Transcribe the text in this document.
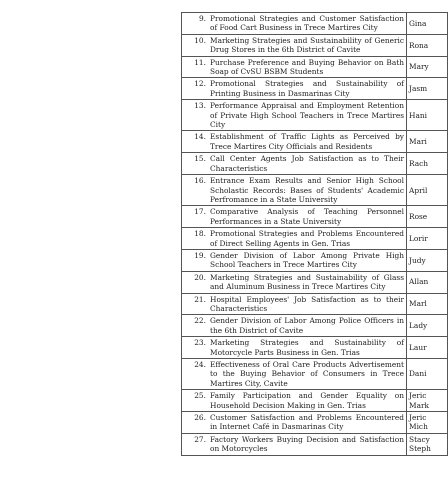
9. Promotional Strategies and Customer Satisfaction of Food Cart Business in Trece Martires City	Gina

10. Marketing Strategies and Sustainability of Generic Drug Stores in the 6th District of Cavite	Rona

11. Purchase Preference and Buying Behavior on Bath Soap of CvSU BSBM Students	Mary

12. Promotional Strategies and Sustainability of Printing Business in Dasmarinas City	Jasm

13. Performance Appraisal and Employment Retention of Private High School Teachers in Trece Martires City	Hani

14. Establishment of Traffic Lights as Perceived by Trece Martires City Officials and Residents	Mari

15. Call Center Agents Job Satisfaction as to Their Characteristics	Rach

16. Entrance Exam Results and Senior High School Scholastic Records: Bases of Students' Academic Perfromance in a State University	April

17. Comparative Analysis of Teaching Personnel Performances in a State University	Rose

18. Promotional Strategies and Problems Encountered of Direct Selling Agents in Gen. Trias	Lorir

19. Gender Division of Labor Among Private High School Teachers in Trece Martires City	Judy

20. Marketing Strategies and Sustainability of Glass and Aluminum Business in Trece Martires City	Allan

21. Hospital Employees' Job Satisfaction as to their Characteristics	Marl

22. Gender Division of Labor Among Police Officers in the 6th District of Cavite	Lady

23. Marketing Strategies and Sustainability of Motorcycle Parts Business in Gen. Trias	Laur

24. Effectiveness of Oral Care Products Advertisement to the Buying Behavior of Consumers in Trece Martires City, Cavite	Dani

25. Family Participation and Gender Equality on Household Decision Making in Gen. Trias	Jeric
Mark

26. Customer Satisfaction and Problems Encountered in Internet Café in Dasmarinas City	Jeric
Mich

27. Factory Workers Buying Decision and Satisfaction on Motorcycles	Stacy
Steph
